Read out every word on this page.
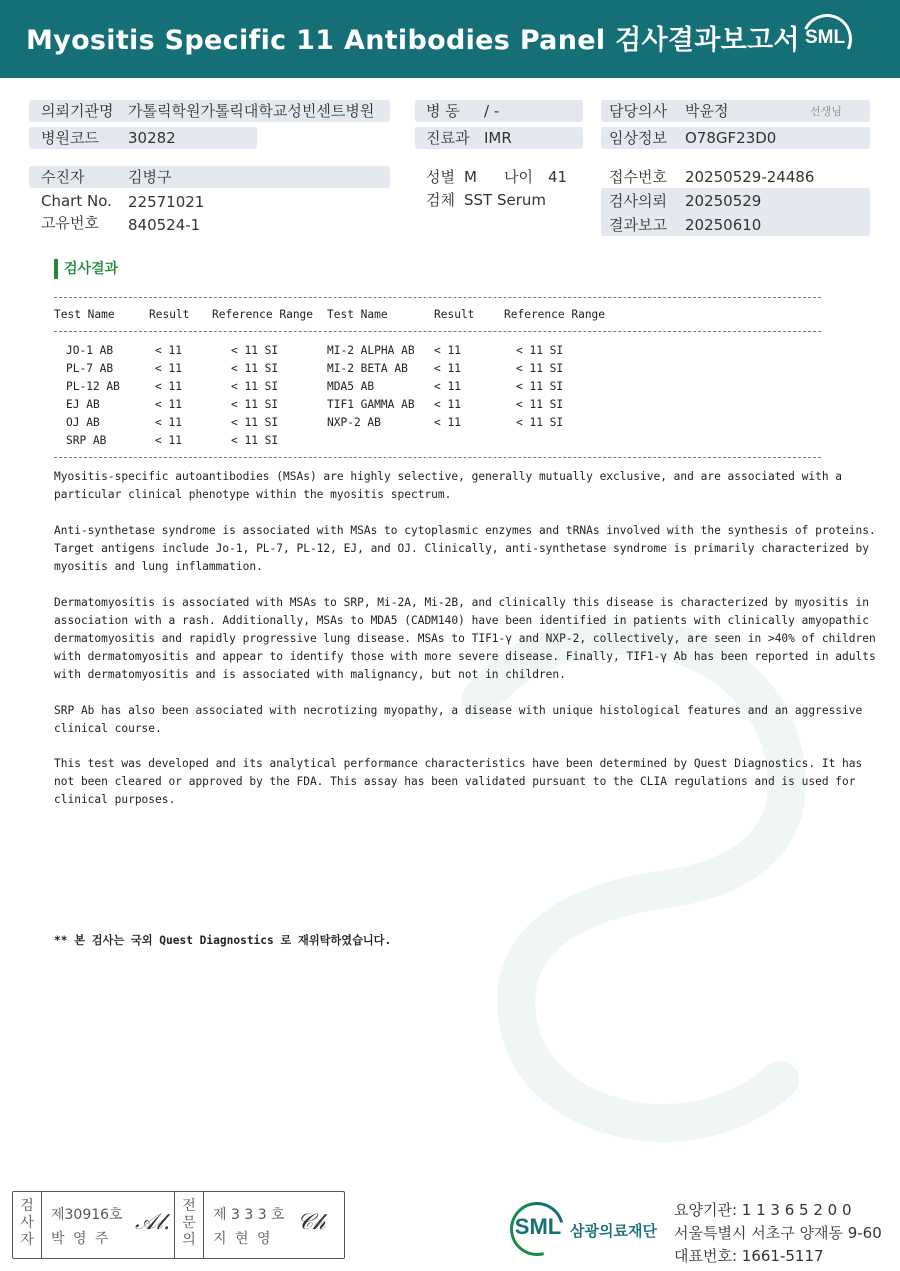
Myositis Specific 11 Antibodies Panel 검사결과보고서 SML
의뢰기관명 가톨릭학원가톨릭대학교성빈센트병원
병원코드 30282
병 동 / -
진료과 IMR
담당의사 박윤정	선생님
임상정보 O78GF23D0
수진자	김병구
Chart No. 22571021
고유번호 840524-1
성별 M 나이 41
검체 SST Serum
접수번호 20250529-24486
검사의뢰 20250529
결과보고 20250610
검사결과
Test Name	Result Reference Range Test Name	Result	Reference Range
JO-1 AB	< 11	< 11 SI
PL-7 AB	< 11	< 11 SI
PL-12 AB	< 11	< 11 SI
EJ AB	< 11	< 11 SI
OJ AB	< 11	< 11 SI
SRP AB	< 11	< 11 SI
MI-2 ALPHA AB < 11	< 11 SI
MI-2 BETA AB < 11	< 11 SI
MDA5 AB	< 11	< 11 SI
TIF1 GAMMA AB < 11	< 11 SI
NXP-2 AB	< 11	< 11 SI
Myositis-specific autoantibodies (MSAs) are highly selective, generally mutually exclusive, and are associated with a
particular clinical phenotype within the myositis spectrum.
Anti-synthetase syndrome is associated with MSAs to cytoplasmic enzymes and tRNAs involved with the synthesis of proteins.
Target antigens include Jo-1, PL-7, PL-12, EJ, and OJ. Clinically, anti-synthetase syndrome is primarily characterized by
myositis and lung inflammation.
Dermatomyositis is associated with MSAs to SRP, Mi-2A, Mi-2B, and clinically this disease is characterized by myositis in
association with a rash. Additionally, MSAs to MDA5 (CADM140) have been identified in patients with clinically amyopathic
dermatomyositis and rapidly progressive lung disease. MSAs to TIF1-γ and NXP-2, collectively, are seen in >40% of children
with dermatomyositis and appear to identify those with more severe disease. Finally, TIF1-γ Ab has been reported in adults
with dermatomyositis and is associated with malignancy, but not in children.
SRP Ab has also been associated with necrotizing myopathy, a disease with unique histological features and an aggressive
clinical course.
This test was developed and its analytical performance characteristics have been determined by Quest Diagnostics. It has
not been cleared or approved by the FDA. This assay has been validated pursuant to the CLIA regulations and is used for
clinical purposes.
** 본 검사는 국외 Quest Diagnostics 로 재위탁하였습니다.
검
사
자
제30916호
박 영 주
𝒜𝓁.
전
문
의
제 3 3 3 호
지 현 영
𝒞𝒽	SML 삼광의료재단
요양기관: 1 1 3 6 5 2 0 0
서울특별시 서초구 양재동 9-60
대표번호: 1661-5117
